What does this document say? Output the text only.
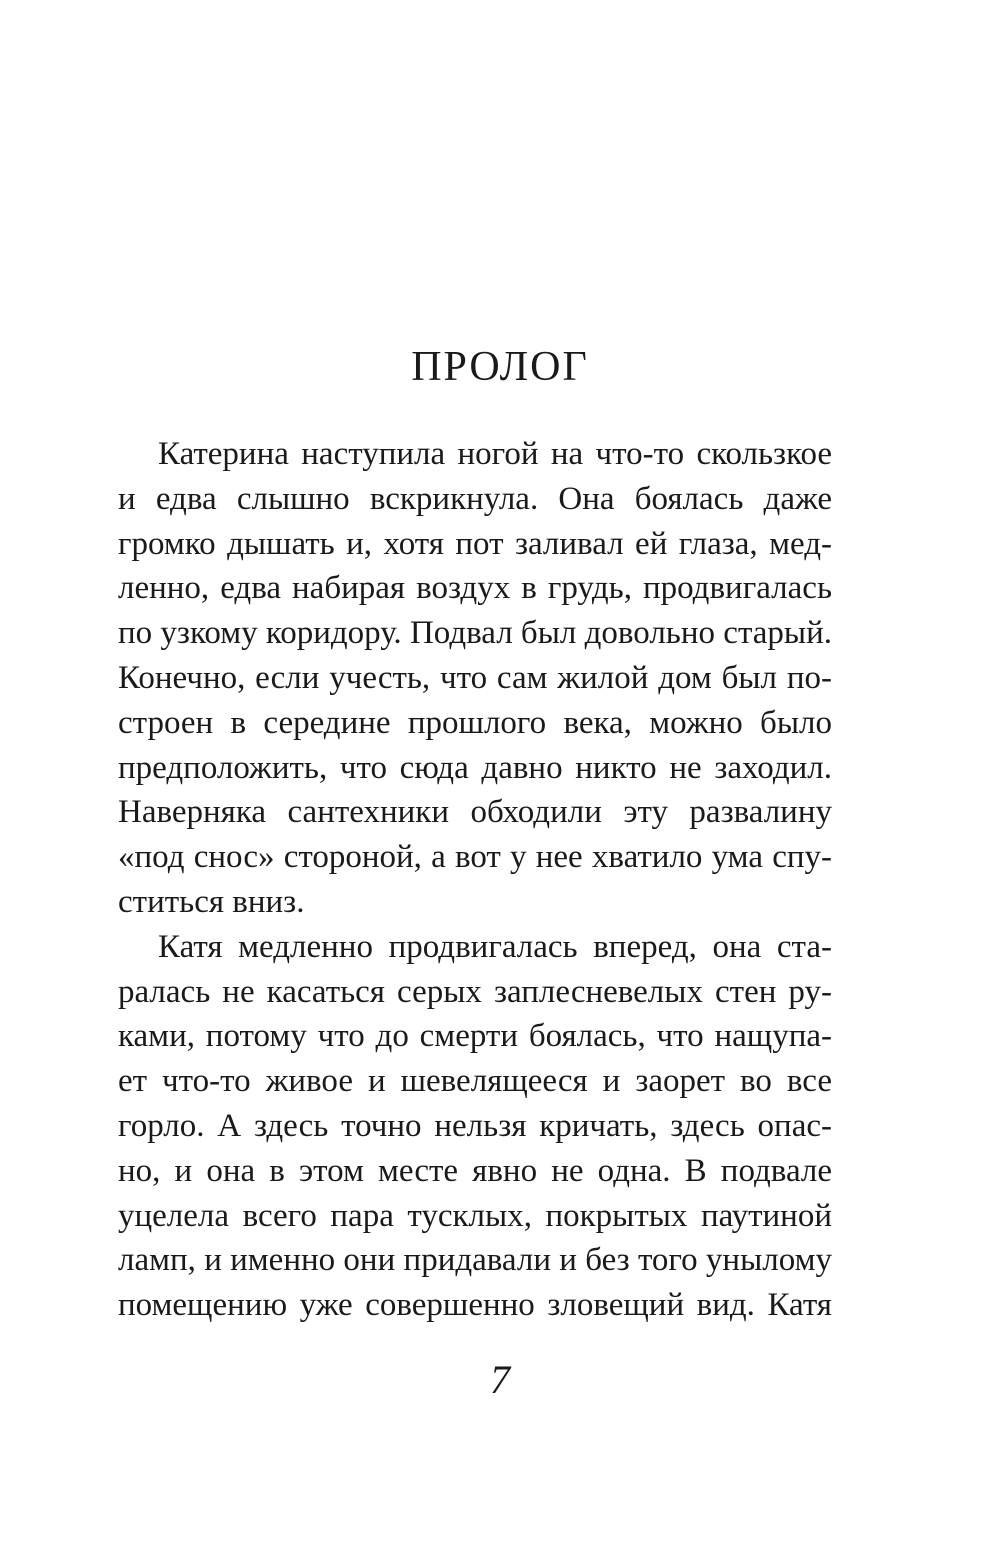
ПРОЛОГ
Катерина наступила ногой на что-то скользкое
и едва слышно вскрикнула. Она боялась даже
громко дышать и, хотя пот заливал ей глаза, мед-
ленно, едва набирая воздух в грудь, продвигалась
по узкому коридору. Подвал был довольно старый.
Конечно, если учесть, что сам жилой дом был по-
строен в середине прошлого века, можно было
предположить, что сюда давно никто не заходил.
Наверняка сантехники обходили эту развалину
«под снос» стороной, а вот у нее хватило ума спу-
ститься вниз.
Катя медленно продвигалась вперед, она ста-
ралась не касаться серых заплесневелых стен ру-
ками, потому что до смерти боялась, что нащупа-
ет что-то живое и шевелящееся и заорет во все
горло. А здесь точно нельзя кричать, здесь опас-
но, и она в этом месте явно не одна. В подвале
уцелела всего пара тусклых, покрытых паутиной
ламп, и именно они придавали и без того унылому
помещению уже совершенно зловещий вид. Катя
7
